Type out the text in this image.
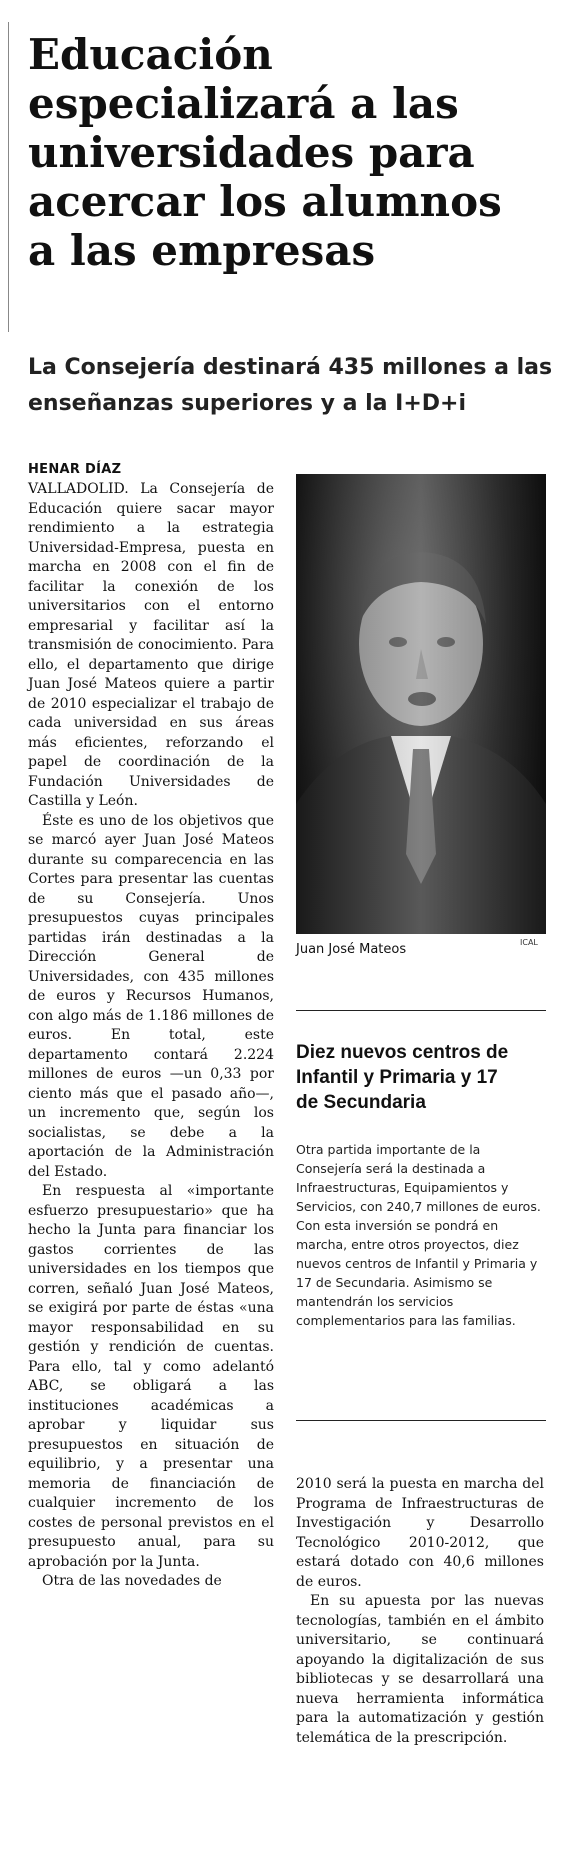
Educación
especializará a las
universidades para
acercar los alumnos
a las empresas
La Consejería destinará 435 millones a las
enseñanzas superiores y a la I+D+i
HENAR DÍAZ

VALLADOLID. La Consejería de Educación quiere sacar mayor rendimiento a la estrategia Universidad-Empresa, puesta en marcha en 2008 con el fin de facilitar la conexión de los universitarios con el entorno empresarial y facilitar así la transmisión de conocimiento. Para ello, el departamento que dirige Juan José Mateos quiere a partir de 2010 especializar el trabajo de cada universidad en sus áreas más eficientes, reforzando el papel de coordinación de la Fundación Universidades de Castilla y León.

Éste es uno de los objetivos que se marcó ayer Juan José Mateos durante su comparecencia en las Cortes para presentar las cuentas de su Consejería. Unos presupuestos cuyas principales partidas irán destinadas a la Dirección General de Universidades, con 435 millones de euros y Recursos Humanos, con algo más de 1.186 millones de euros. En total, este departamento contará 2.224 millones de euros —un 0,33 por ciento más que el pasado año—, un incremento que, según los socialistas, se debe a la aportación de la Administración del Estado.

En respuesta al «importante esfuerzo presupuestario» que ha hecho la Junta para financiar los gastos corrientes de las universidades en los tiempos que corren, señaló Juan José Mateos, se exigirá por parte de éstas «una mayor responsabilidad en su gestión y rendición de cuentas. Para ello, tal y como adelantó ABC, se obligará a las instituciones académicas a aprobar y liquidar sus presupuestos en situación de equilibrio, y a presentar una memoria de financiación de cualquier incremento de los costes de personal previstos en el presupuesto anual, para su aprobación por la Junta.

Otra de las novedades de

Juan José Mateos	ICAL
Diez nuevos centros de
Infantil y Primaria y 17
de Secundaria
Otra partida importante de la Consejería será la destinada a Infraestructuras, Equipamientos y Servicios, con 240,7 millones de euros. Con esta inversión se pondrá en marcha, entre otros proyectos, diez nuevos centros de Infantil y Primaria y 17 de Secundaria. Asimismo se mantendrán los servicios complementarios para las familias.

2010 será la puesta en marcha del Programa de Infraestructuras de Investigación y Desarrollo Tecnológico 2010-2012, que estará dotado con 40,6 millones de euros.

En su apuesta por las nuevas tecnologías, también en el ámbito universitario, se continuará apoyando la digitalización de sus bibliotecas y se desarrollará una nueva herramienta informática para la automatización y gestión telemática de la prescripción.
